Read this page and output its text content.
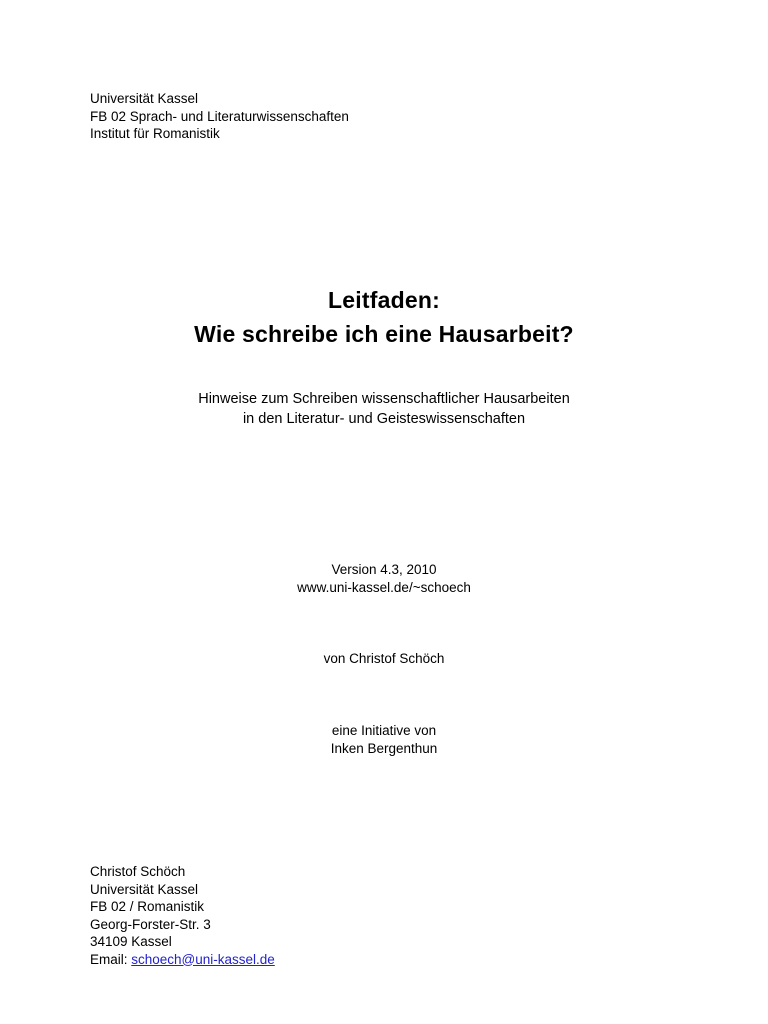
Universität Kassel
FB 02 Sprach- und Literaturwissenschaften
Institut für Romanistik
Leitfaden:
Wie schreibe ich eine Hausarbeit?
Hinweise zum Schreiben wissenschaftlicher Hausarbeiten
in den Literatur- und Geisteswissenschaften
Version 4.3, 2010
www.uni-kassel.de/~schoech
von Christof Schöch
eine Initiative von
Inken Bergenthun
Christof Schöch
Universität Kassel
FB 02 / Romanistik
Georg-Forster-Str. 3
34109 Kassel
Email: schoech@uni-kassel.de
